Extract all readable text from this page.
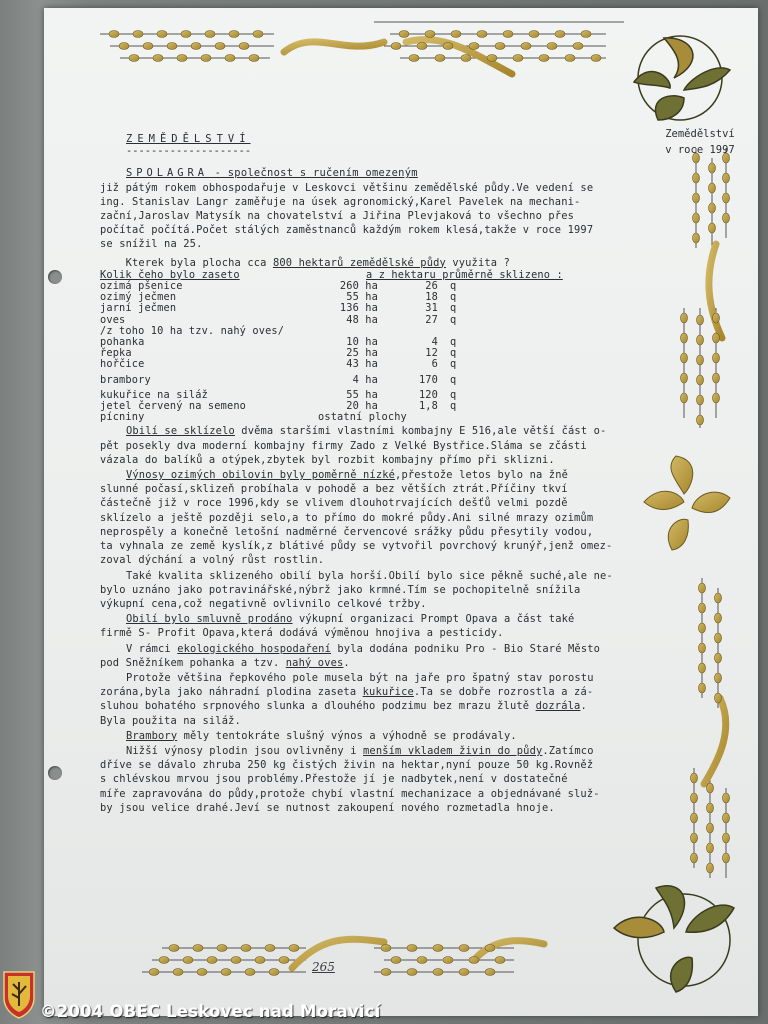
Zemědělství
v roce 1997

ZEMĚDĚLSTVÍ

--------------------

SPOLAGRA - společnost s ručením omezeným

již pátým rokem obhospodařuje v Leskovci většinu zemědělské půdy.Ve vedení se

ing. Stanislav Langr zaměřuje na úsek agronomický,Karel Pavelek na mechani-

zační,Jaroslav Matysík na chovatelství a Jiřina Plevjaková to všechno přes

počítač počítá.Počet stálých zaměstnanců každým rokem klesá,takže v roce 1997

se snížil na 25.

Kterek byla plocha cca 800 hektarů zemědělské půdy využita ?

Kolik čeho bylo zaseto	a z hektaru průměrně sklizeno :
ozimá pšenice	260 ha	26	q
ozimý ječmen	55 ha	18	q
jarní ječmen	136 ha	31	q
oves	48 ha	27	q
/z toho 10 ha tzv. nahý oves/
pohanka	10 ha	4	q
řepka	25 ha	12	q
hořčice	43 ha	6	q
brambory	4 ha	170	q
kukuřice na siláž	55 ha	120	q
jetel červený na semeno	20 ha	1,8	q
pícniny	ostatní plochy

Obilí se sklízelo dvěma staršími vlastními kombajny E 516,ale větší část o-

pět posekly dva moderní kombajny firmy Zado z Velké Bystřice.Sláma se zčásti

vázala do balíků a otýpek,zbytek byl rozbit kombajny přímo při sklizni.

Výnosy ozimých obilovin byly poměrně nízké,přestože letos bylo na žně

slunné počasí,sklizeň probíhala v pohodě a bez větších ztrát.Příčiny tkví

částečně již v roce 1996,kdy se vlivem dlouhotrvajících dešťů velmi pozdě

sklízelo a ještě později selo,a to přímo do mokré půdy.Ani silné mrazy ozimům

neprospěly a konečně letošní nadměrné červencové srážky půdu přesytily vodou,

ta vyhnala ze země kyslík,z blátivé půdy se vytvořil povrchový krunýř,jenž omez-

zoval dýchání a volný růst rostlin.

Také kvalita sklizeného obilí byla horší.Obilí bylo sice pěkně suché,ale ne-

bylo uznáno jako potravinářské,nýbrž jako krmné.Tím se pochopitelně snížila

výkupní cena,což negativně ovlivnilo celkové tržby.

Obilí bylo smluvně prodáno výkupní organizaci Prompt Opava a část také

firmě S- Profit Opava,která dodává výměnou hnojiva a pesticidy.

V rámci ekologického hospodaření byla dodána podniku Pro - Bio Staré Město

pod Sněžníkem pohanka a tzv. nahý oves.

Protože většina řepkového pole musela být na jaře pro špatný stav porostu

zorána,byla jako náhradní plodina zaseta kukuřice.Ta se dobře rozrostla a zá-

sluhou bohatého srpnového slunka a dlouhého podzimu bez mrazu žlutě dozrála.

Byla použita na siláž.

Brambory měly tentokráte slušný výnos a výhodně se prodávaly.

Nižší výnosy plodin jsou ovlivněny i menším vkladem živin do půdy.Zatímco

dříve se dávalo zhruba 250 kg čistých živin na hektar,nyní pouze 50 kg.Rovněž

s chlévskou mrvou jsou problémy.Přestože jí je nadbytek,není v dostatečné

míře zapravována do půdy,protože chybí vlastní mechanizace a objednávané služ-

by jsou velice drahé.Jeví se nutnost zakoupení nového rozmetadla hnoje.

265
©2004 OBEC Leskovec nad Moravicí
